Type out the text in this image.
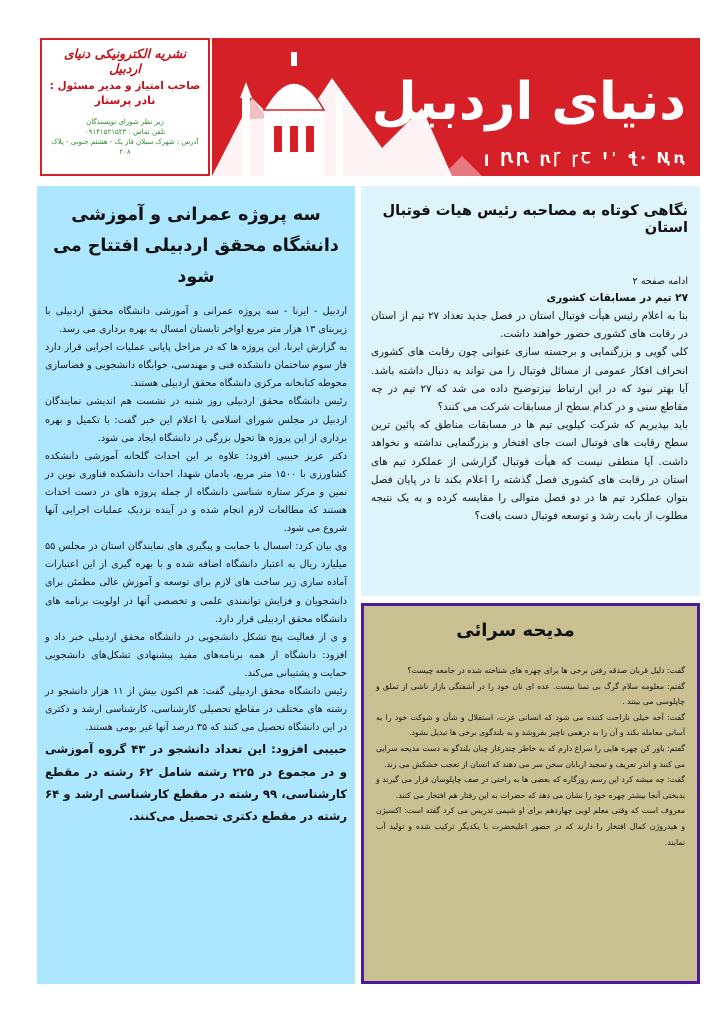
نشریه الکترونیکی دنیای اردبیل
صاحب امتیاز و مدیر مسئول :
نادر پرستار
زیر نظر شورای نویسندگان
تلفن تماس : ۰۹۱۴۱۵۲۱۵۲۳
آدرس : شهرک سبلان فاز یک - هشتم جنوبی - پلاک ۲۰۸
دنیای اردبیل
ꞁ ꞂꞂ ꞃꞄ ꞅꞆ Ꞌꞌ ꞎꞏ Ꞑꞑ
سه پروژه عمرانی و آموزشی
دانشگاه محقق اردبیلی افتتاح می شود

اردبیل - ایرنا - سه پروژه عمرانی و آموزشی دانشگاه محقق اردبیلی با زیربنای ۱۳ هزار متر مربع اواخر تابستان امسال به بهره برداری می رسد.

به گزارش ایرنا، این پروژه ها که در مراحل پایانی عملیات اجرایی قرار دارد فاز سوم ساختمان دانشکده فنی و مهندسی، خوابگاه دانشجویی و فضاسازی محوطه کتابخانه مرکزی دانشگاه محقق اردبیلی هستند.

رئیس دانشگاه محقق اردبیلی روز شنبه در نشست هم اندیشی نمایندگان اردبیل در مجلس شورای اسلامی با اعلام این خبر گفت: با تکمیل و بهره برداری از این پروژه ها تحول بزرگی در دانشگاه ایجاد می شود.

دکتر عزیز حبیبی افزود: علاوه بر این احداث گلخانه آموزشی دانشکده کشاورزی با ۱۵۰۰ متر مربع، یادمان شهدا، احداث دانشکده فناوری نوین در نمین و مرکز ستاره شناسی دانشگاه از جمله پروژه های در دست احداث هستند که مطالعات لازم انجام شده و در آینده نزدیک عملیات اجرایی آنها شروع می شود.

وی بیان کرد: اسسال با حمایت و پیگیری های نمایندگان استان در مجلس ۵۵ میلیارد ریال به اعتبار دانشگاه اضافه شده و با بهره گیری از این اعتبارات آماده سازی زیر ساخت های لازم برای توسعه و آموزش عالی مطمئن برای دانشجویان و فزایش توانمندی علمی و تخصصی آنها در اولویت برنامه های دانشگاه محقق اردبیلی قرار دارد.

و ی از فعالیت پنج تشکل دانشجویی در دانشگاه محقق اردبیلی خبر داد و افزود: دانشگاه از همه برنامه‌های مفید پیشنهادی تشکل‌های دانشجویی حمایت و پشتیبانی می‌کند.

رئیس دانشگاه محقق اردبیلی گفت: هم اکنون بیش از ۱۱ هزار دانشجو در رشته های مختلف در مقاطع تحصیلی کارشناسی، کارشناسی ارشد و دکتری در این دانشگاه تحصیل می کنند که ۳۵ درصد آنها غیر بومی هستند.

حبیبی افزود: این تعداد دانشجو در ۴۳ گروه آموزشی و در مجموع در ۲۲۵ رشته شامل ۶۲ رشته در مقطع کارشناسی، ۹۹ رشته در مقطع کارشناسی ارشد و ۶۴ رشته در مقطع دکتری تحصیل می‌کنند.

نگاهی کوتاه به مصاحبه رئیس هیات فوتبال استان
ادامه صفحه ۲
۲۷ تیم در مسابقات کشوری

بنا به اعلام رئیس هیأت فوتبال استان در فصل جدید تعداد ۲۷ تیم از استان در رقابت های کشوری حضور خواهند داشت.

کلی گویی و بزرگنمایی و برجسته سازی عنوانی چون رقابت های کشوری انحراف افکار عمومی از مسائل فوتبال را می تواند به دنبال داشته باشد. آیا بهتر نبود که در این ارتباط نیزتوضیح داده می شد که ۲۷ تیم در چه مقاطع سنی و در کدام سطح از مسابقات شرکت می کنند؟

باید بپذیریم که شرکت کیلویی تیم ها در مسابقات مناطق که پائین ترین سطح رقابت های فوتبال است جای افتخار و بزرگنمایی نداشته و نخواهد داشت. آیا منطقی نیست که هیأت فوتبال گزارشی از عملکرد تیم های استان در رقابت های کشوری فصل گذشته را اعلام بکند تا در پایان فصل بتوان عملکرد تیم ها در دو فصل متوالی را مقایسه کرده و به یک نتیجه مطلوب از بابت رشد و توسعه فوتبال دست یافت؟

مدیحه سرائی

گفت: دلیل قربان صدقه رفتن برخی ها برای چهره های شناخته شده در جامعه چیست؟

گفتم: معلومه سلام گرگ بی تمنا نیست. عده ای نان خود را در آشفتگی بازار ناشی از تملق و چاپلوسی می بینند .

گفت: آخه خیلی ناراحت کننده می شود که انسانی عزت، استقلال و شأن و شوکت خود را به آسانی معامله بکند و آن را به درهمی ناچیز بفروشد و به بلندگوی برخی ها تبدیل بشود.

گفتم: باور کن چهره هایی را سراغ دارم که به خاطر چندرغاز چنان بلندگو به دست مدیحه سرایی می کنند و اندر تعریف و تمجید اربابان سخن سر می دهند که انسان از تعجب خشکش می زند.

گفت: چه میشه کرد این رسم روزگاره که بعضی ها به راحتی در صف چاپلوسان قرار می گیرند و بدبختی آنجا بیشتر چهره خود را نشان می دهد که حضرات به این رفتار هم افتخار می کنند.

معروف است که وقتی معلم لوبی چهاردهم برای او شیمی تدریس می کرد گفته است: اکسیژن و هیدروژن کمال افتخار را دارند که در حضور اعلیحضرت با یکدیگر ترکیب شده و تولید آب نمایند.
